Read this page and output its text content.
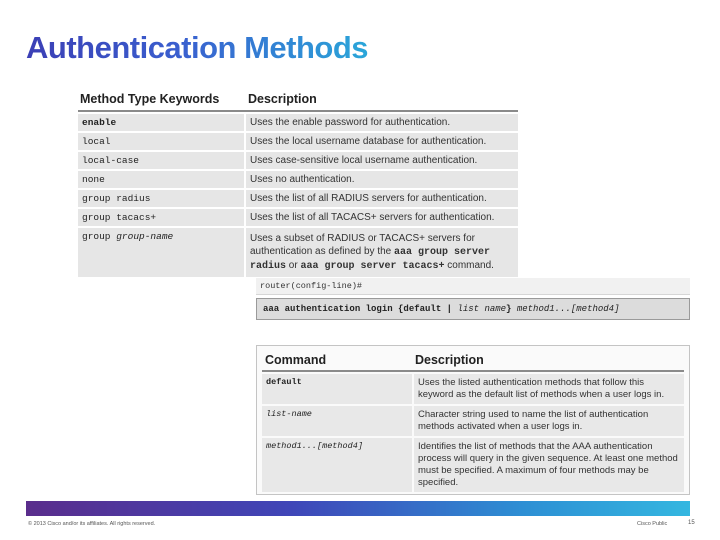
Authentication Methods
Method Type Keywords	Description
enable	Uses the enable password for authentication.
local	Uses the local username database for authentication.
local-case	Uses case-sensitive local username authentication.
none	Uses no authentication.
group radius	Uses the list of all RADIUS servers for authentication.
group tacacs+	Uses the list of all TACACS+ servers for authentication.
group group-name	Uses a subset of RADIUS or TACACS+ servers for
authentication as defined by the aaa group server
radius or aaa group server tacacs+ command.
router(config-line)#
aaa authentication login {default | list name} method1...[method4]
Command	Description
default	Uses the listed authentication methods that follow this keyword as the default list of methods when a user logs in.
list-name	Character string used to name the list of authentication methods activated when a user logs in.
method1...[method4]	Identifies the list of methods that the AAA authentication process will query in the given sequence. At least one method must be specified. A maximum of four methods may be specified.
© 2013 Cisco and/or its affiliates. All rights reserved.	Cisco Public	15
